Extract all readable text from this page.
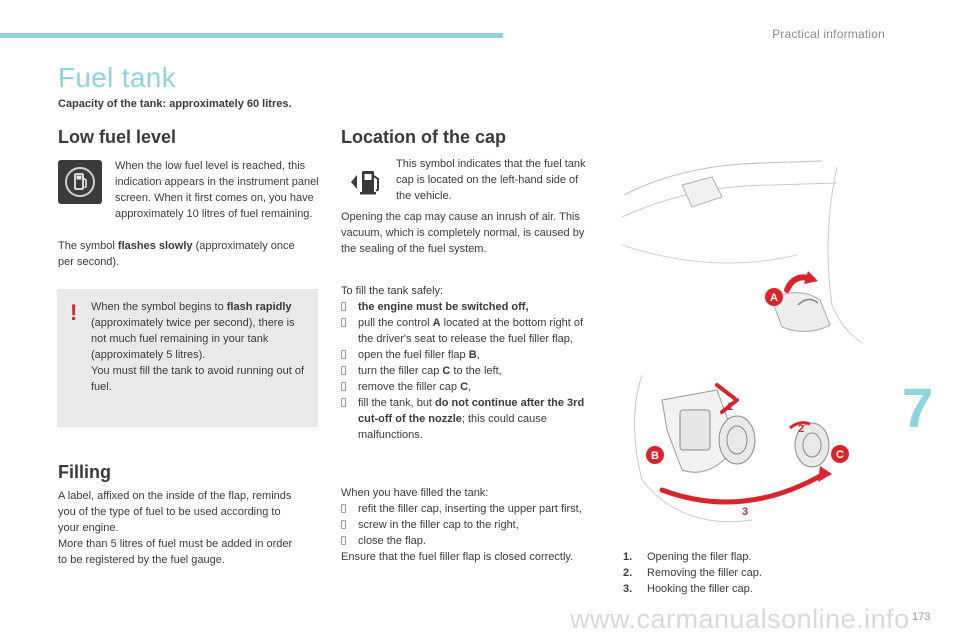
Practical information
7
173
Fuel tank
Capacity of the tank: approximately 60 litres.
Low fuel level
When the low fuel level is reached, this indication appears in the instrument panel screen. When it first comes on, you have approximately 10 litres of fuel remaining.
The symbol flashes slowly (approximately once per second).
! When the symbol begins to flash rapidly (approximately twice per second), there is not much fuel remaining in your tank (approximately 5 litres).

You must fill the tank to avoid running out of fuel.

Filling

A label, affixed on the inside of the flap, reminds you of the type of fuel to be used according to your engine.

More than 5 litres of fuel must be added in order to be registered by the fuel gauge.

Location of the cap
This symbol indicates that the fuel tank cap is located on the left-hand side of the vehicle.
Opening the cap may cause an inrush of air. This vacuum, which is completely normal, is caused by the sealing of the fuel system.

To fill the tank safely:

the engine must be switched off,
pull the control A located at the bottom right of the driver's seat to release the fuel filler flap,
open the fuel filler flap B,
turn the filler cap C to the left,
remove the filler cap C,
fill the tank, but do not continue after the 3rd cut-off of the nozzle; this could cause malfunctions.

When you have filled the tank:

refit the filler cap, inserting the upper part first,
screw in the filler cap to the right,
close the flap.

Ensure that the fuel filler flap is closed correctly.

A
B	C
1
2
3
1. Opening the filer flap.
2. Removing the filler cap.
3. Hooking the filler cap.
www.carmanualsonline.info
